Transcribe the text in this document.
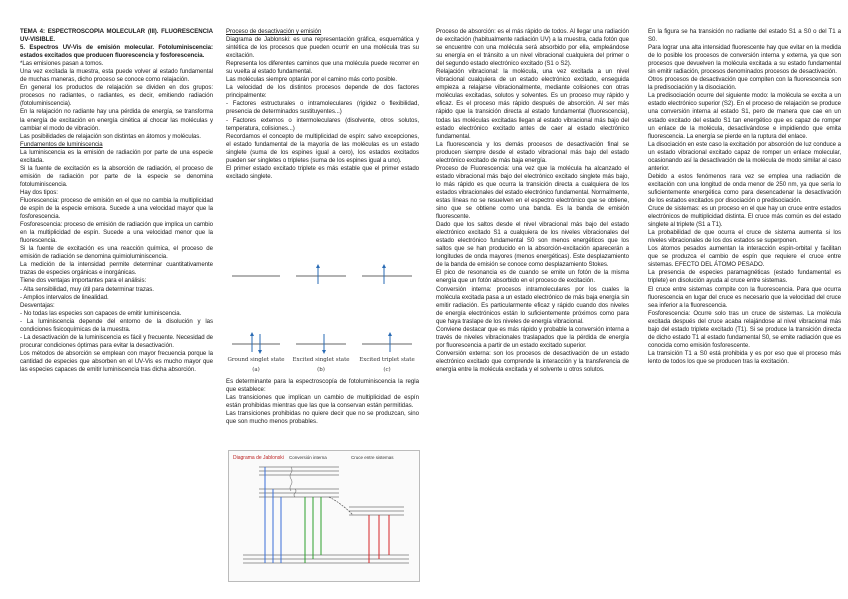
TEMA 4: ESPECTROSCOPÍA MOLECULAR (III). FLUORESCENCIA UV-VISIBLE.

5. Espectros UV-Vis de emisión molecular. Fotoluminiscencia: estados excitados que producen fluorescencia y fosforescencia.

*Las emisiones pasan a tomos.

Una vez excitada la muestra, esta puede volver al estado fundamental de muchas maneras, dicho proceso se conoce como relajación.

En general los productos de relajación se dividen en dos grupos: procesos no radiantes, o radiantes, es decir, emitiendo radiación (fotoluminiscencia).

En la relajación no radiante hay una pérdida de energía, se transforma la energía de excitación en energía cinética al chocar las moléculas y cambiar el modo de vibración.

Las posibilidades de relajación son distintas en átomos y moléculas.

Fundamentos de luminiscencia

La luminiscencia es la emisión de radiación por parte de una especie excitada.

Si la fuente de excitación es la absorción de radiación, el proceso de emisión de radiación por parte de la especie se denomina fotoluminiscencia.

Hay dos tipos:

Fluorescencia: proceso de emisión en el que no cambia la multiplicidad de espín de la especie emisora. Sucede a una velocidad mayor que la fosforescencia.

Fosforescencia: proceso de emisión de radiación que implica un cambio en la multiplicidad de espín. Sucede a una velocidad menor que la fluorescencia.

Si la fuente de excitación es una reacción química, el proceso de emisión de radiación se denomina quimioluminiscencia.

La medición de la intensidad permite determinar cuantitativamente trazas de especies orgánicas e inorgánicas.

Tiene dos ventajas importantes para el análisis:

- Alta sensibilidad, muy útil para determinar trazas.

- Amplios intervalos de linealidad.

Desventajas:

- No todas las especies son capaces de emitir luminiscencia.

- La luminiscencia depende del entorno de la disolución y las condiciones fisicoquímicas de la muestra.

- La desactivación de la luminiscencia es fácil y frecuente. Necesidad de procurar condiciones óptimas para evitar la desactivación.

Los métodos de absorción se emplean con mayor frecuencia porque la cantidad de especies que absorben en el UV-Vis es mucho mayor que las especies capaces de emitir luminiscencia tras dicha absorción.

Proceso de desactivación y emisión

Diagrama de Jablonski: es una representación gráfica, esquemática y sintética de los procesos que pueden ocurrir en una molécula tras su excitación.

Representa los diferentes caminos que una molécula puede recorrer en su vuelta al estado fundamental.

Las moléculas siempre optarán por el camino más corto posible.

La velocidad de los distintos procesos depende de dos factores principalmente:

- Factores estructurales o intramoleculares (rigidez o flexibilidad, presencia de determinados sustituyentes...)

- Factores externos o intermoleculares (disolvente, otros solutos, temperatura, colisiones...)

Recordamos el concepto de multiplicidad de espín: salvo excepciones, el estado fundamental de la mayoría de las moléculas es un estado singlete (suma de los espines igual a cero), los estados excitados pueden ser singletes o tripletes (suma de los espines igual a uno).

El primer estado excitado triplete es más estable que el primer estado excitado singlete.

Ground singlet state Excited singlet state Excited triplet state
(a)	(b)	(c)

Es determinante para la espectroscopía de fotoluminiscencia la regla que establece:

Las transiciones que implican un cambio de multiplicidad de espín están prohibidas mientras que las que la conservan están permitidas.

Las transiciones prohibidas no quiere decir que no se produzcan, sino que son mucho menos probables.

Diagrama de Jablonski Conversión interna	Cruce entre sistemas

Proceso de absorción: es el más rápido de todos. Al llegar una radiación de excitación (habitualmente radiación UV) a la muestra, cada fotón que se encuentre con una molécula será absorbido por ella, empleándose su energía en el tránsito a un nivel vibracional cualquiera del primer o del segundo estado electrónico excitado (S1 o S2).

Relajación vibracional: la molécula, una vez excitada a un nivel vibracional cualquiera de un estado electrónico excitado, enseguida empieza a relajarse vibracionalmente, mediante colisiones con otras moléculas excitadas, solutos y solventes. Es un proceso muy rápido y eficaz. Es el proceso más rápido después de absorción. Al ser más rápido que la transición directa al estado fundamental (fluorescencia), todas las moléculas excitadas llegan al estado vibracional más bajo del estado electrónico excitado antes de caer al estado electrónico fundamental.

La fluorescencia y los demás procesos de desactivación final se producen siempre desde el estado vibracional más bajo del estado electrónico excitado de más baja energía.

Proceso de Fluorescencia: una vez que la molécula ha alcanzado el estado vibracional más bajo del electrónico excitado singlete más bajo, lo más rápido es que ocurra la transición directa a cualquiera de los estados vibracionales del estado electrónico fundamental. Normalmente, estas líneas no se resuelven en el espectro electrónico que se obtiene, sino que se obtiene como una banda. Es la banda de emisión fluorescente.

Dado que los saltos desde el nivel vibracional más bajo del estado electrónico excitado S1 a cualquiera de los niveles vibracionales del estado electrónico fundamental S0 son menos energéticos que los saltos que se han producido en la absorción-excitación aparecerán a longitudes de onda mayores (menos energéticas). Este desplazamiento de la banda de emisión se conoce como desplazamiento Stokes.

El pico de resonancia es de cuando se emite un fotón de la misma energía que un fotón absorbido en el proceso de excitación.

Conversión interna: procesos intramoleculares por los cuales la molécula excitada pasa a un estado electrónico de más baja energía sin emitir radiación. Es particularmente eficaz y rápido cuando dos niveles de energía electrónicos están lo suficientemente próximos como para que haya traslape de los niveles de energía vibracional.

Conviene destacar que es más rápido y probable la conversión interna a través de niveles vibracionales traslapados que la pérdida de energía por fluorescencia a partir de un estado excitado superior.

Conversión externa: son los procesos de desactivación de un estado electrónico excitado que comprende la interacción y la transferencia de energía entre la molécula excitada y el solvente u otros solutos.

En la figura se ha transición no radiante del estado S1 a S0 o del T1 a S0.

Para lograr una alta intensidad fluorescente hay que evitar en la medida de lo posible los procesos de conversión interna y externa, ya que son procesos que devuelven la molécula excitada a su estado fundamental sin emitir radiación, procesos denominados procesos de desactivación.

Otros procesos de desactivación que compiten con la fluorescencia son la predisociación y la disociación.

La predisociación ocurre del siguiente modo: la molécula se excita a un estado electrónico superior (S2). En el proceso de relajación se produce una conversión interna al estado S1, pero de manera que cae en un estado excitado del estado S1 tan energético que es capaz de romper un enlace de la molécula, desactivándose e impidiendo que emita fluorescencia. La energía se pierde en la ruptura del enlace.

La disociación en este caso la excitación por absorción de luz conduce a un estado vibracional excitado capaz de romper un enlace molecular, ocasionando así la desactivación de la molécula de modo similar al caso anterior.

Debido a estos fenómenos rara vez se emplea una radiación de excitación con una longitud de onda menor de 250 nm, ya que sería lo suficientemente energética como para desencadenar la desactivación de los estados excitados por disociación o predisociación.

Cruce de sistemas: es un proceso en el que hay un cruce entre estados electrónicos de multiplicidad distinta. El cruce más común es del estado singlete al triplete (S1 a T1).

La probabilidad de que ocurra el cruce de sistema aumenta si los niveles vibracionales de los dos estados se superponen.

Los átomos pesados aumentan la interacción espín-orbital y facilitan que se produzca el cambio de espín que requiere el cruce entre sistemas. EFECTO DEL ÁTOMO PESADO.

La presencia de especies paramagnéticas (estado fundamental es triplete) en disolución ayuda al cruce entre sistemas.

El cruce entre sistemas compite con la fluorescencia. Para que ocurra fluorescencia en lugar del cruce es necesario que la velocidad del cruce sea inferior a la fluorescencia.

Fosforescencia: Ocurre solo tras un cruce de sistemas. La molécula excitada después del cruce acaba relajándose al nivel vibracional más bajo del estado triplete excitado (T1). Si se produce la transición directa de dicho estado T1 al estado fundamental S0, se emite radiación que es conocida como emisión fosforescente.

La transición T1 a S0 está prohibida y es por eso que el proceso más lento de todos los que se producen tras la excitación.
